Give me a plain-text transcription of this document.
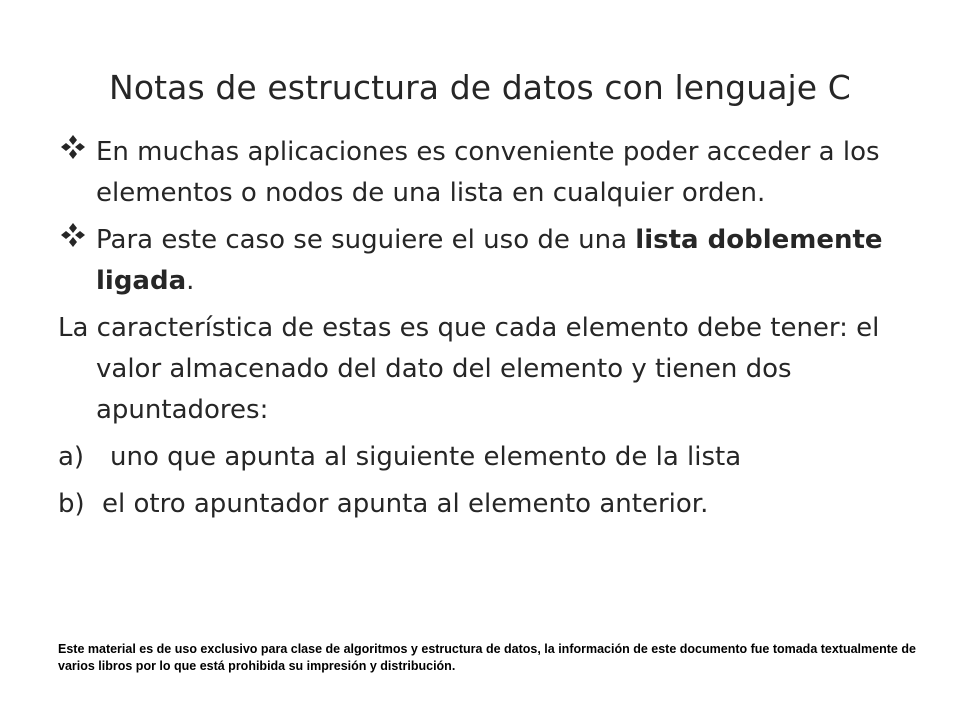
Notas de estructura de datos con lenguaje C
En muchas aplicaciones es conveniente poder acceder a los elementos o nodos de una lista en cualquier orden.
Para este caso se suguiere el uso de una lista doblemente ligada.
La característica de estas es que cada elemento debe tener: el valor almacenado del dato del elemento y tienen dos apuntadores:
a) uno que apunta al siguiente elemento de la lista
b) el otro apuntador apunta al elemento anterior.
Este material es de uso exclusivo para clase de algoritmos y estructura de datos, la información de este documento fue tomada textualmente de varios libros por lo que está prohibida su impresión y distribución.
